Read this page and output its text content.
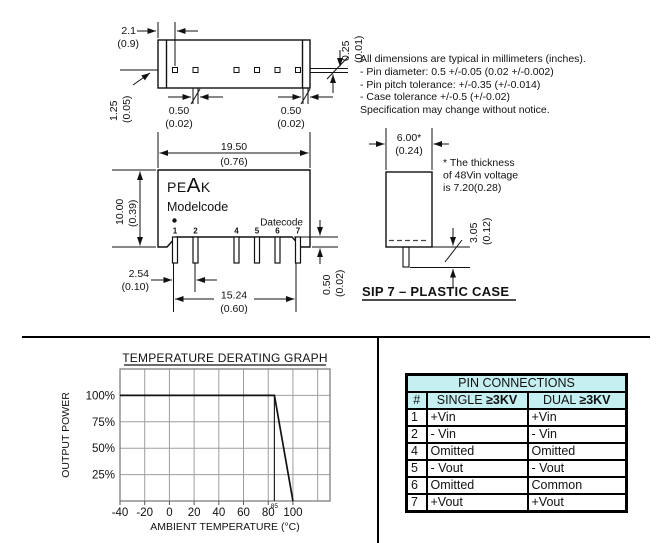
2.1
(0.9)	0.25 (0.01)
1.25 (0.05)	0.50
(0.02)
0.50
(0.02)
19.50
(0.76)
10.00 (0.39)
2.54
(0.10)
15.24
(0.60)
0.50 (0.02)
6.00*
(0.24)
3.05 (0.12)
All dimensions are typical in millimeters (inches).
- Pin diameter: 0.5 +/-0.05 (0.02 +/-0.002)
- Pin pitch tolerance: +/-0.35 (+/-0.014)
- Case tolerance +/-0.5 (+/-0.02)
Specification may change without notice.
* The thickness
of 48Vin voltage
is 7.20(0.28)
PEAK
Modelcode
Datecode
1 2	4 5 6 7
SIP 7 – PLASTIC CASE
-40 -20 0 20 40 60 80 100
25%
50%
75%
100%
85
TEMPERATURE DERATING GRAPH
AMBIENT TEMPERATURE (°C)
OUTPUT POWER
PIN CONNECTIONS		
#	SINGLE ≥3KV	DUAL ≥3KV
1	+Vin	+Vin
2	- Vin	- Vin
4	Omitted	Omitted
5	- Vout	- Vout
6	Omitted	Common
7	+Vout	+Vout
